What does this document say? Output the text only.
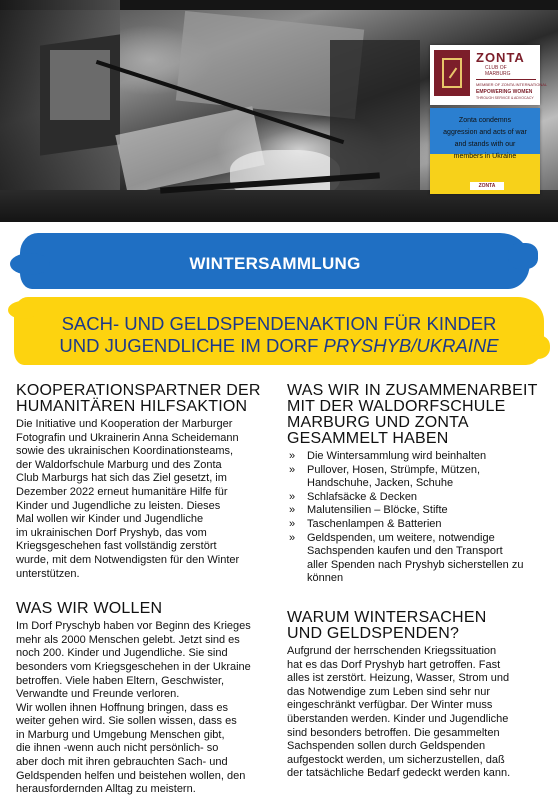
ZONTA
CLUB OF
MARBURG
MEMBER OF ZONTA INTERNATIONAL
EMPOWERING WOMEN
THROUGH SERVICE & ADVOCACY
Zonta condemns
aggression and acts of war
and stands with our
members in Ukraine
ZONTA
WINTERSAMMLUNG
SACH- UND GELDSPENDENAKTION FÜR KINDER
UND JUGENDLICHE IM DORF PRYSHYB/UKRAINE
KOOPERATIONSPARTNER DER
HUMANITÄREN HILFSAKTION

Die Initiative und Kooperation der Marburger
Fotografin und Ukrainerin Anna Scheidemann
sowie des ukrainischen Koordinationsteams,
der Waldorfschule Marburg und des Zonta
Club Marburgs hat sich das Ziel gesetzt, im
Dezember 2022 erneut humanitäre Hilfe für
Kinder und Jugendliche zu leisten. Dieses
Mal wollen wir Kinder und Jugendliche
im ukrainischen Dorf Pryshyb, das vom
Kriegsgeschehen fast vollständig zerstört
wurde, mit dem Notwendigsten für den Winter
unterstützen.

WAS WIR WOLLEN

Im Dorf Pryschyb haben vor Beginn des Krieges
mehr als 2000 Menschen gelebt. Jetzt sind es
noch 200. Kinder und Jugendliche. Sie sind
besonders vom Kriegsgeschehen in der Ukraine
betroffen. Viele haben Eltern, Geschwister,
Verwandte und Freunde verloren.
Wir wollen ihnen Hoffnung bringen, dass es
weiter gehen wird. Sie sollen wissen, dass es
in Marburg und Umgebung Menschen gibt,
die ihnen -wenn auch nicht persönlich- so
aber doch mit ihren gebrauchten Sach- und
Geldspenden helfen und beistehen wollen, den
herausfordernden Alltag zu meistern.

WAS WIR IN ZUSAMMENARBEIT
MIT DER WALDORFSCHULE
MARBURG UND ZONTA
GESAMMELT HABEN
» Die Wintersammlung wird beinhalten
» Pullover, Hosen, Strümpfe, Mützen,
Handschuhe, Jacken, Schuhe
» Schlafsäcke & Decken
» Malutensilien – Blöcke, Stifte
» Taschenlampen & Batterien
» Geldspenden, um weitere, notwendige
Sachspenden kaufen und den Transport
aller Spenden nach Pryshyb sicherstellen zu
können
WARUM WINTERSACHEN
UND GELDSPENDEN?

Aufgrund der herrschenden Kriegssituation
hat es das Dorf Pryshyb hart getroffen. Fast
alles ist zerstört. Heizung, Wasser, Strom und
das Notwendige zum Leben sind sehr nur
eingeschränkt verfügbar. Der Winter muss
überstanden werden. Kinder und Jugendliche
sind besonders betroffen. Die gesammelten
Sachspenden sollen durch Geldspenden
aufgestockt werden, um sicherzustellen, daß
der tatsächliche Bedarf gedeckt werden kann.
